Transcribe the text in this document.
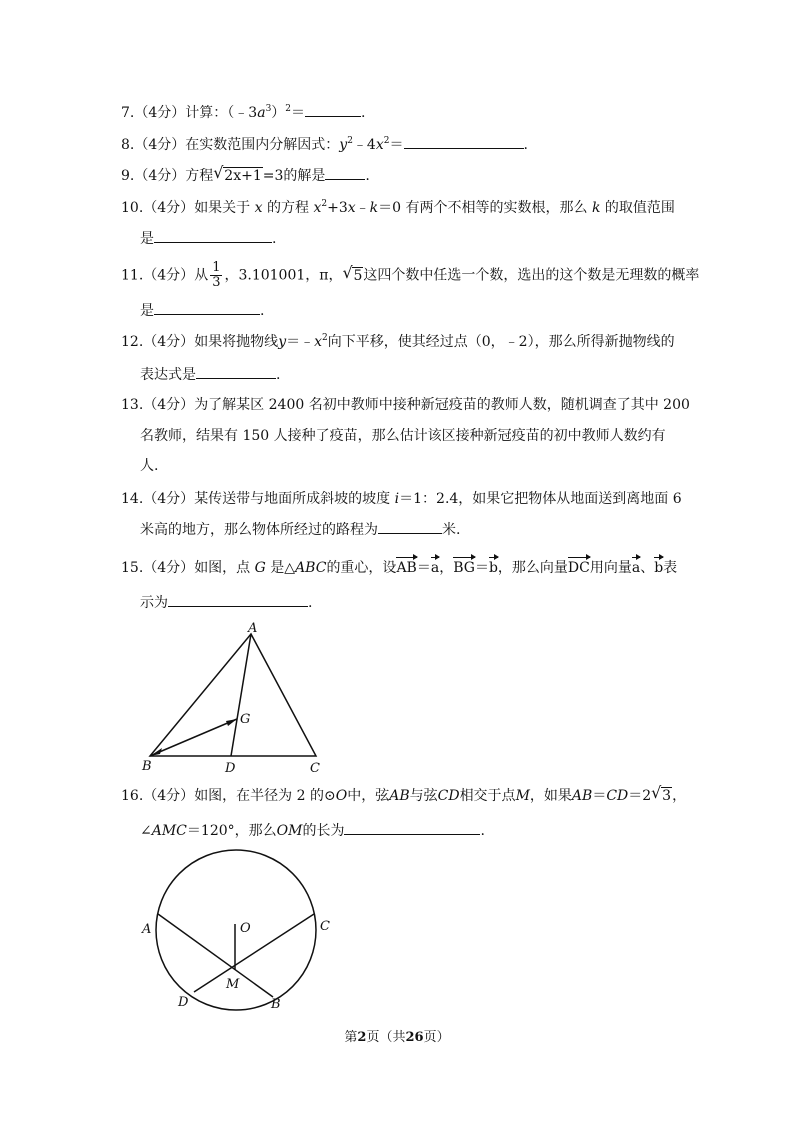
7.（4分）计算：$(﹣3a^3)^2=$	.
8.（4分）在实数范围内分解因式：$y^2﹣4x^2=$	.
9.（4分）方程 √ 2x+1=3的解是	.
10.（4分）如果关于 x 的方程 $x^2+3x﹣k=0$ 有两个不相等的实数根，那么 k 的取值范围
是	.
11.（4分）从 $\frac{1}{3}$ ，3.101001，π， √ 5这四个数中任选一个数，选出的这个数是无理数的概率
是	.
12.（4分）如果将抛物线$y=﹣x^2$向下平移，使其经过点（0，﹣2），那么所得新抛物线的
表达式是	.
13.（4分）为了解某区 2400 名初中教师中接种新冠疫苗的教师人数，随机调查了其中 200
名教师，结果有 150 人接种了疫苗，那么估计该区接种新冠疫苗的初中教师人数约有
人.
14.（4分）某传送带与地面所成斜坡的坡度 i＝1：2.4，如果它把物体从地面送到离地面 6
米高的地方，那么物体所经过的路程为	米.
15.（4分）如图，点 G 是△ABC的重心，设AB＝a，BG＝b，那么向量DC用向量a、b表
示为	.
A
G
B	D	C
16.（4分）如图，在半径为 2 的⊙O中，弦AB与弦CD相交于点M，如果AB＝CD＝2 √ 3，
∠AMC＝120°，那么OM的长为	.
O
A	C
M
D	B
第2页（共26页）
